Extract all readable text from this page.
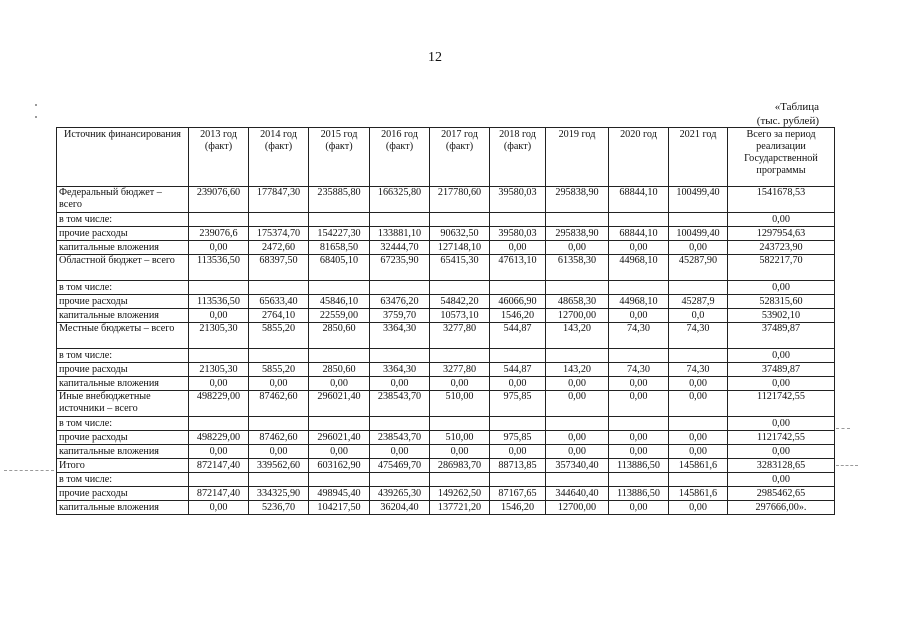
12
«Таблица
(тыс. рублей)
Источник финансирования	2013 год (факт)	2014 год (факт)	2015 год (факт)	2016 год (факт)	2017 год (факт)	2018 год (факт)	2019 год	2020 год	2021 год	Всего за период реализации Государственной программы
Федеральный бюджет – всего	239076,60	177847,30	235885,80	166325,80	217780,60	39580,03	295838,90	68844,10	100499,40	1541678,53
в том числе:										0,00
прочие расходы	239076,6	175374,70	154227,30	133881,10	90632,50	39580,03	295838,90	68844,10	100499,40	1297954,63
капитальные вложения	0,00	2472,60	81658,50	32444,70	127148,10	0,00	0,00	0,00	0,00	243723,90
Областной бюджет – всего	113536,50	68397,50	68405,10	67235,90	65415,30	47613,10	61358,30	44968,10	45287,90	582217,70
в том числе:										0,00
прочие расходы	113536,50	65633,40	45846,10	63476,20	54842,20	46066,90	48658,30	44968,10	45287,9	528315,60
капитальные вложения	0,00	2764,10	22559,00	3759,70	10573,10	1546,20	12700,00	0,00	0,0	53902,10
Местные бюджеты – всего	21305,30	5855,20	2850,60	3364,30	3277,80	544,87	143,20	74,30	74,30	37489,87
в том числе:										0,00
прочие расходы	21305,30	5855,20	2850,60	3364,30	3277,80	544,87	143,20	74,30	74,30	37489,87
капитальные вложения	0,00	0,00	0,00	0,00	0,00	0,00	0,00	0,00	0,00	0,00
Иные внебюджетные источники – всего	498229,00	87462,60	296021,40	238543,70	510,00	975,85	0,00	0,00	0,00	1121742,55
в том числе:										0,00
прочие расходы	498229,00	87462,60	296021,40	238543,70	510,00	975,85	0,00	0,00	0,00	1121742,55
капитальные вложения	0,00	0,00	0,00	0,00	0,00	0,00	0,00	0,00	0,00	0,00
Итого	872147,40	339562,60	603162,90	475469,70	286983,70	88713,85	357340,40	113886,50	145861,6	3283128,65
в том числе:										0,00
прочие расходы	872147,40	334325,90	498945,40	439265,30	149262,50	87167,65	344640,40	113886,50	145861,6	2985462,65
капитальные вложения	0,00	5236,70	104217,50	36204,40	137721,20	1546,20	12700,00	0,00	0,00	297666,00».
